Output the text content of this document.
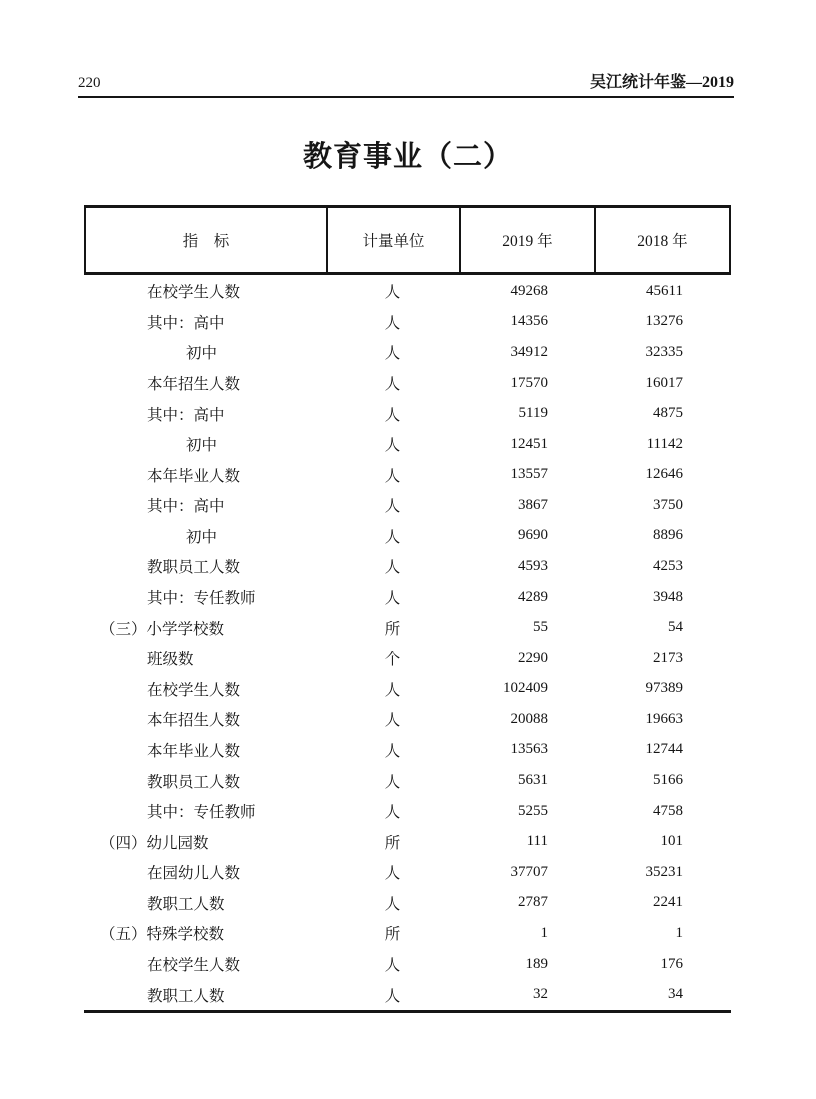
220	吴江统计年鉴—2019
教育事业（二）
指　标	计量单位	2019 年	2018 年
在校学生人数	人	49268	45611
其中：高中	人	14356	13276
初中	人	34912	32335
本年招生人数	人	17570	16017
其中：高中	人	5119	4875
初中	人	12451	11142
本年毕业人数	人	13557	12646
其中：高中	人	3867	3750
初中	人	9690	8896
教职员工人数	人	4593	4253
其中：专任教师	人	4289	3948
（三）小学学校数	所	55	54
班级数	个	2290	2173
在校学生人数	人	102409	97389
本年招生人数	人	20088	19663
本年毕业人数	人	13563	12744
教职员工人数	人	5631	5166
其中：专任教师	人	5255	4758
（四）幼儿园数	所	111	101
在园幼儿人数	人	37707	35231
教职工人数	人	2787	2241
（五）特殊学校数	所	1	1
在校学生人数	人	189	176
教职工人数	人	32	34
